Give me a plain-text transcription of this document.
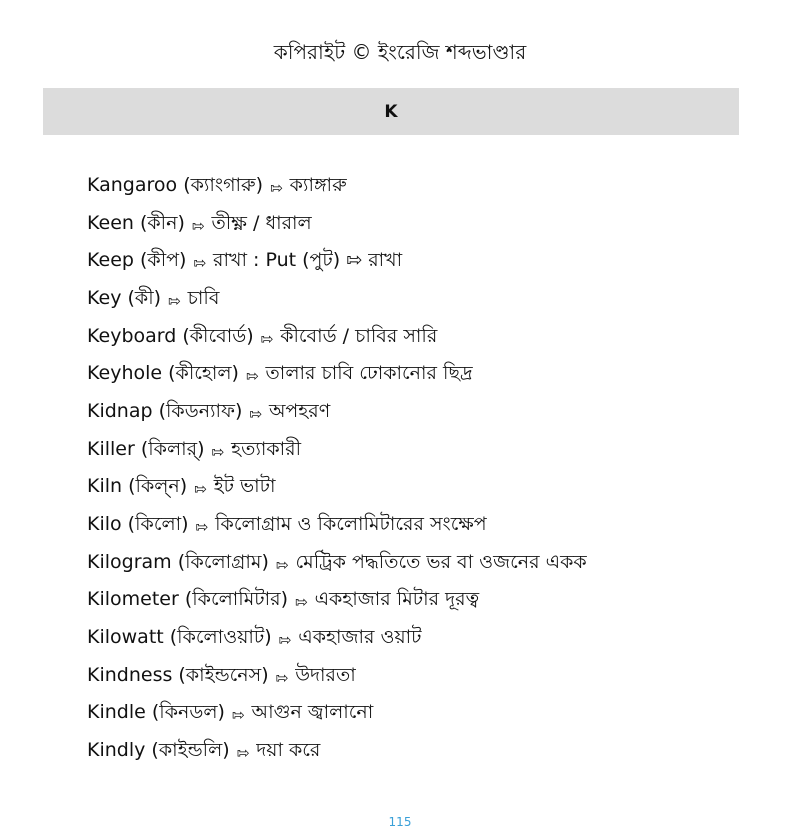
কপিরাইট © ইংরেজি শব্দভাণ্ডার
K
Kangaroo (ক্যাংগারু) ⇰ ক্যাঙ্গারু
Keen (কীন) ⇰ তীক্ষ্ণ / ধারাল
Keep (কীপ) ⇰ রাখা : Put (পুট) ⇰ রাখা
Key (কী) ⇰ চাবি
Keyboard (কীবোর্ড) ⇰ কীবোর্ড / চাবির সারি
Keyhole (কীহোল) ⇰ তালার চাবি ঢোকানোর ছিদ্র
Kidnap (কিডন্যাফ) ⇰ অপহরণ
Killer (কিলার্) ⇰ হত্যাকারী
Kiln (কিল্ন) ⇰ ইট ভাটা
Kilo (কিলো) ⇰ কিলোগ্রাম ও কিলোমিটারের সংক্ষেপ
Kilogram (কিলোগ্রাম) ⇰ মেট্রিক পদ্ধতিতে ভর বা ওজনের একক
Kilometer (কিলোমিটার) ⇰ একহাজার মিটার দূরত্ব
Kilowatt (কিলোওয়াট) ⇰ একহাজার ওয়াট
Kindness (কাইন্ডনেস) ⇰ উদারতা
Kindle (কিনডল) ⇰ আগুন জ্বালানো
Kindly (কাইন্ডলি) ⇰ দয়া করে
115
